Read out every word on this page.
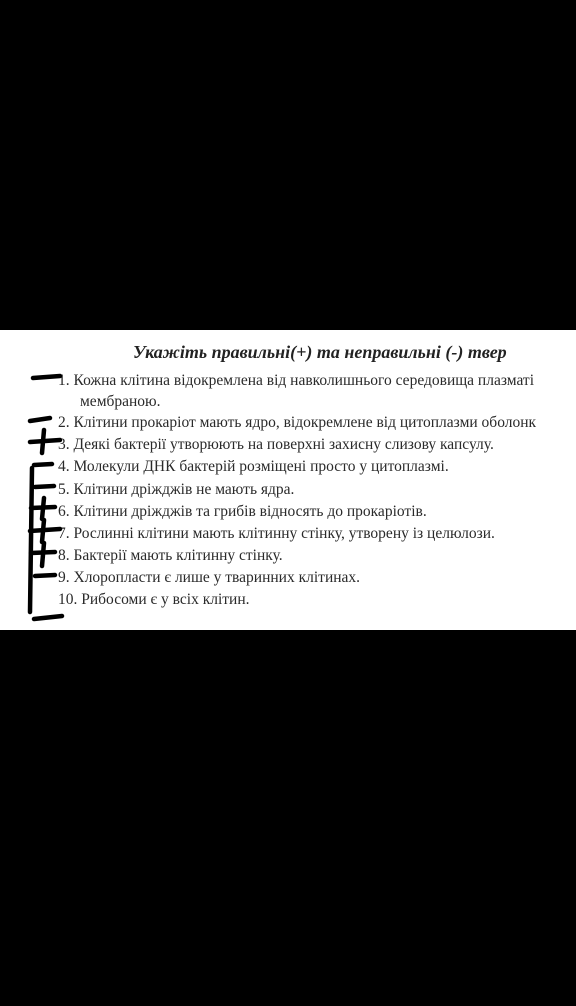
Укажіть правильні(+) та неправильні (-) твер
1. Кожна клітина відокремлена від навколишнього середовища плазматі
мембраною.
2. Клітини прокаріот мають ядро, відокремлене від цитоплазми оболонк
3. Деякі бактерії утворюють на поверхні захисну слизову капсулу.
4. Молекули ДНК бактерій розміщені просто у цитоплазмі.
5. Клітини дріжджів не мають ядра.
6. Клітини дріжджів та грибів відносять до прокаріотів.
7. Рослинні клітини мають клітинну стінку, утворену із целюлози.
8. Бактерії мають клітинну стінку.
9. Хлоропласти є лише у тваринних клітинах.
10. Рибосоми є у всіх клітин.
